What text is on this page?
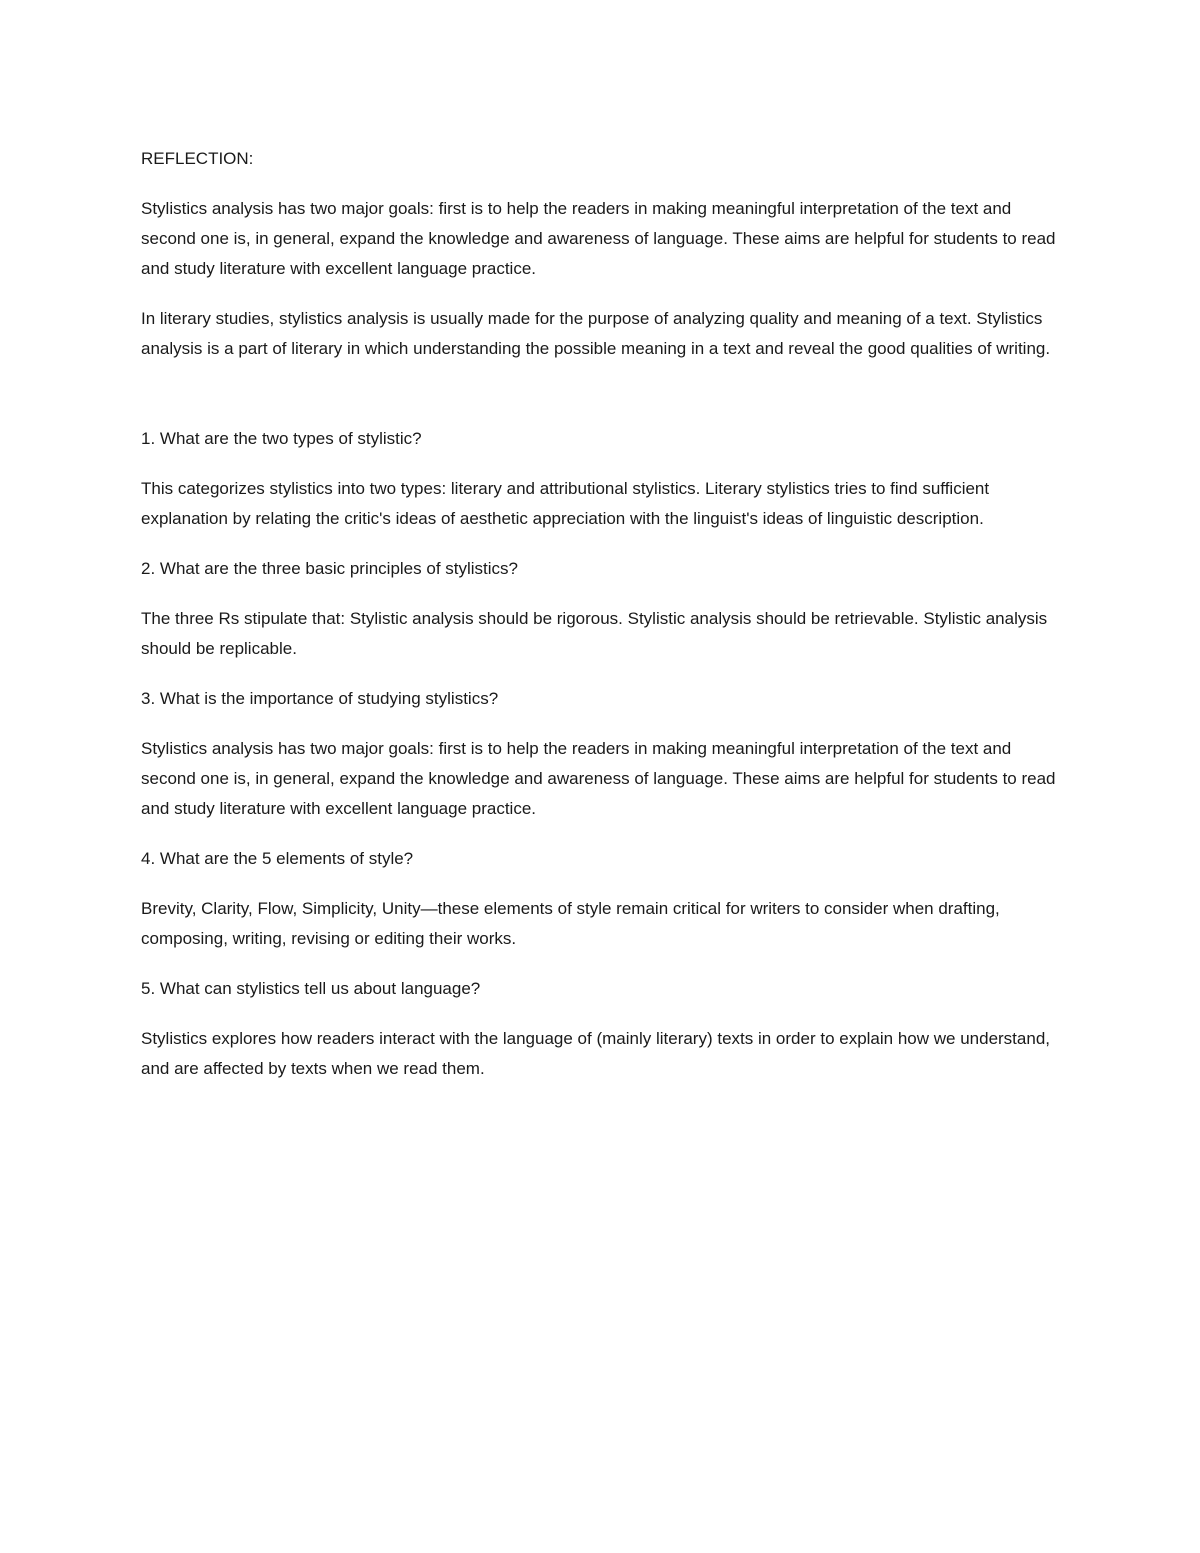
REFLECTION:

Stylistics analysis has two major goals: first is to help the readers in making meaningful interpretation of the text and second one is, in general, expand the knowledge and awareness of language. These aims are helpful for students to read and study literature with excellent language practice.

In literary studies, stylistics analysis is usually made for the purpose of analyzing quality and meaning of a text. Stylistics analysis is a part of literary in which understanding the possible meaning in a text and reveal the good qualities of writing.

1. What are the two types of stylistic?

This categorizes stylistics into two types: literary and attributional stylistics. Literary stylistics tries to find sufficient explanation by relating the critic's ideas of aesthetic appreciation with the linguist's ideas of linguistic description.

2. What are the three basic principles of stylistics?

The three Rs stipulate that: Stylistic analysis should be rigorous. Stylistic analysis should be retrievable. Stylistic analysis should be replicable.

3. What is the importance of studying stylistics?

Stylistics analysis has two major goals: first is to help the readers in making meaningful interpretation of the text and second one is, in general, expand the knowledge and awareness of language. These aims are helpful for students to read and study literature with excellent language practice.

4. What are the 5 elements of style?

Brevity, Clarity, Flow, Simplicity, Unity—these elements of style remain critical for writers to consider when drafting, composing, writing, revising or editing their works.

5. What can stylistics tell us about language?

Stylistics explores how readers interact with the language of (mainly literary) texts in order to explain how we understand, and are affected by texts when we read them.
